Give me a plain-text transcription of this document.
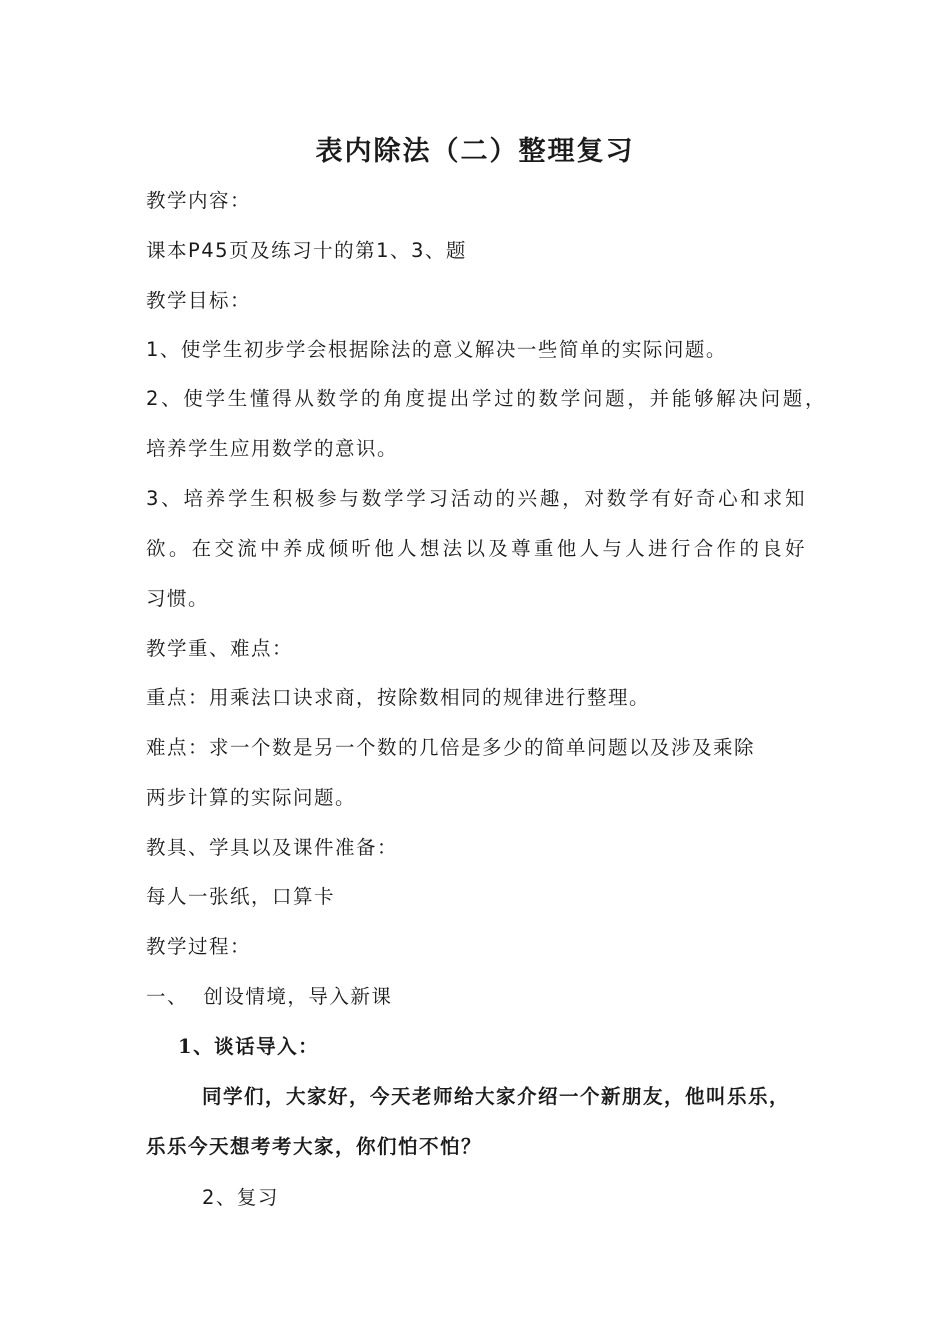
表内除法（二）整理复习
教学内容：
课本P45页及练习十的第1、3、题
教学目标：
1、使学生初步学会根据除法的意义解决一些简单的实际问题。
2、使学生懂得从数学的角度提出学过的数学问题，并能够解决问题，
培养学生应用数学的意识。
3、培养学生积极参与数学学习活动的兴趣，对数学有好奇心和求知
欲。在交流中养成倾听他人想法以及尊重他人与人进行合作的良好
习惯。
教学重、难点：
重点：用乘法口诀求商，按除数相同的规律进行整理。
难点：求一个数是另一个数的几倍是多少的简单问题以及涉及乘除
两步计算的实际问题。
教具、学具以及课件准备：
每人一张纸，口算卡
教学过程：
一、  创设情境，导入新课
1、谈话导入：
同学们，大家好，今天老师给大家介绍一个新朋友，他叫乐乐，
乐乐今天想考考大家，你们怕不怕？
2、复习
